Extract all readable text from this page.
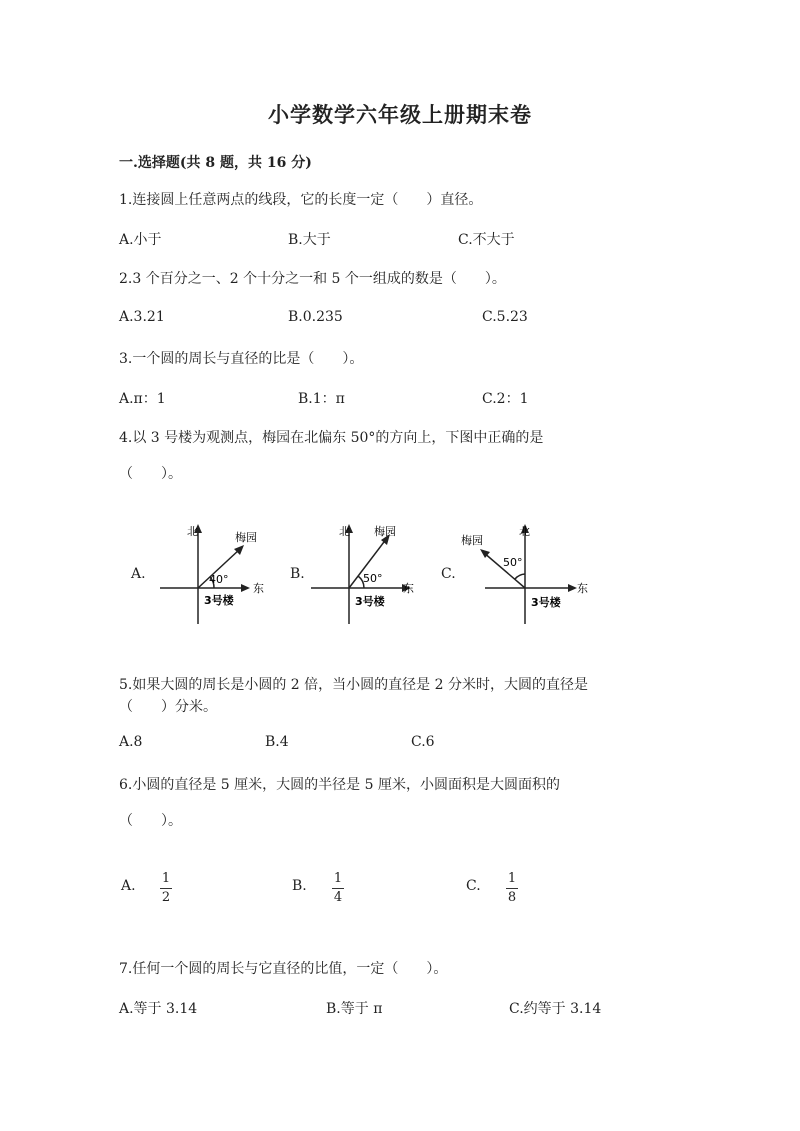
小学数学六年级上册期末卷
一.选择题(共 8 题，共 16 分)
1.连接圆上任意两点的线段，它的长度一定（　　）直径。
A.小于	B.大于	C.不大于
2.3 个百分之一、2 个十分之一和 5 个一组成的数是（　　）。
A.3.21	B.0.235	C.5.23
3.一个圆的周长与直径的比是（　　）。
A.π：1	B.1：π	C.2：1
4.以 3 号楼为观测点，梅园在北偏东 50°的方向上，下图中正确的是
（　　）。
A.
北	梅园
40°
东
3号楼
B.
北 梅园
50°
东
3号楼
C.
北
梅园
50°
东
3号楼
5.如果大圆的周长是小圆的 2 倍，当小圆的直径是 2 分米时，大圆的直径是
（　　）分米。
A.8	B.4	C.6
6.小圆的直径是 5 厘米，大圆的半径是 5 厘米，小圆面积是大圆面积的
（　　）。
A. 1
2
B. 1
4
C. 1
8
7.任何一个圆的周长与它直径的比值，一定（　　）。
A.等于 3.14	B.等于 π	C.约等于 3.14
